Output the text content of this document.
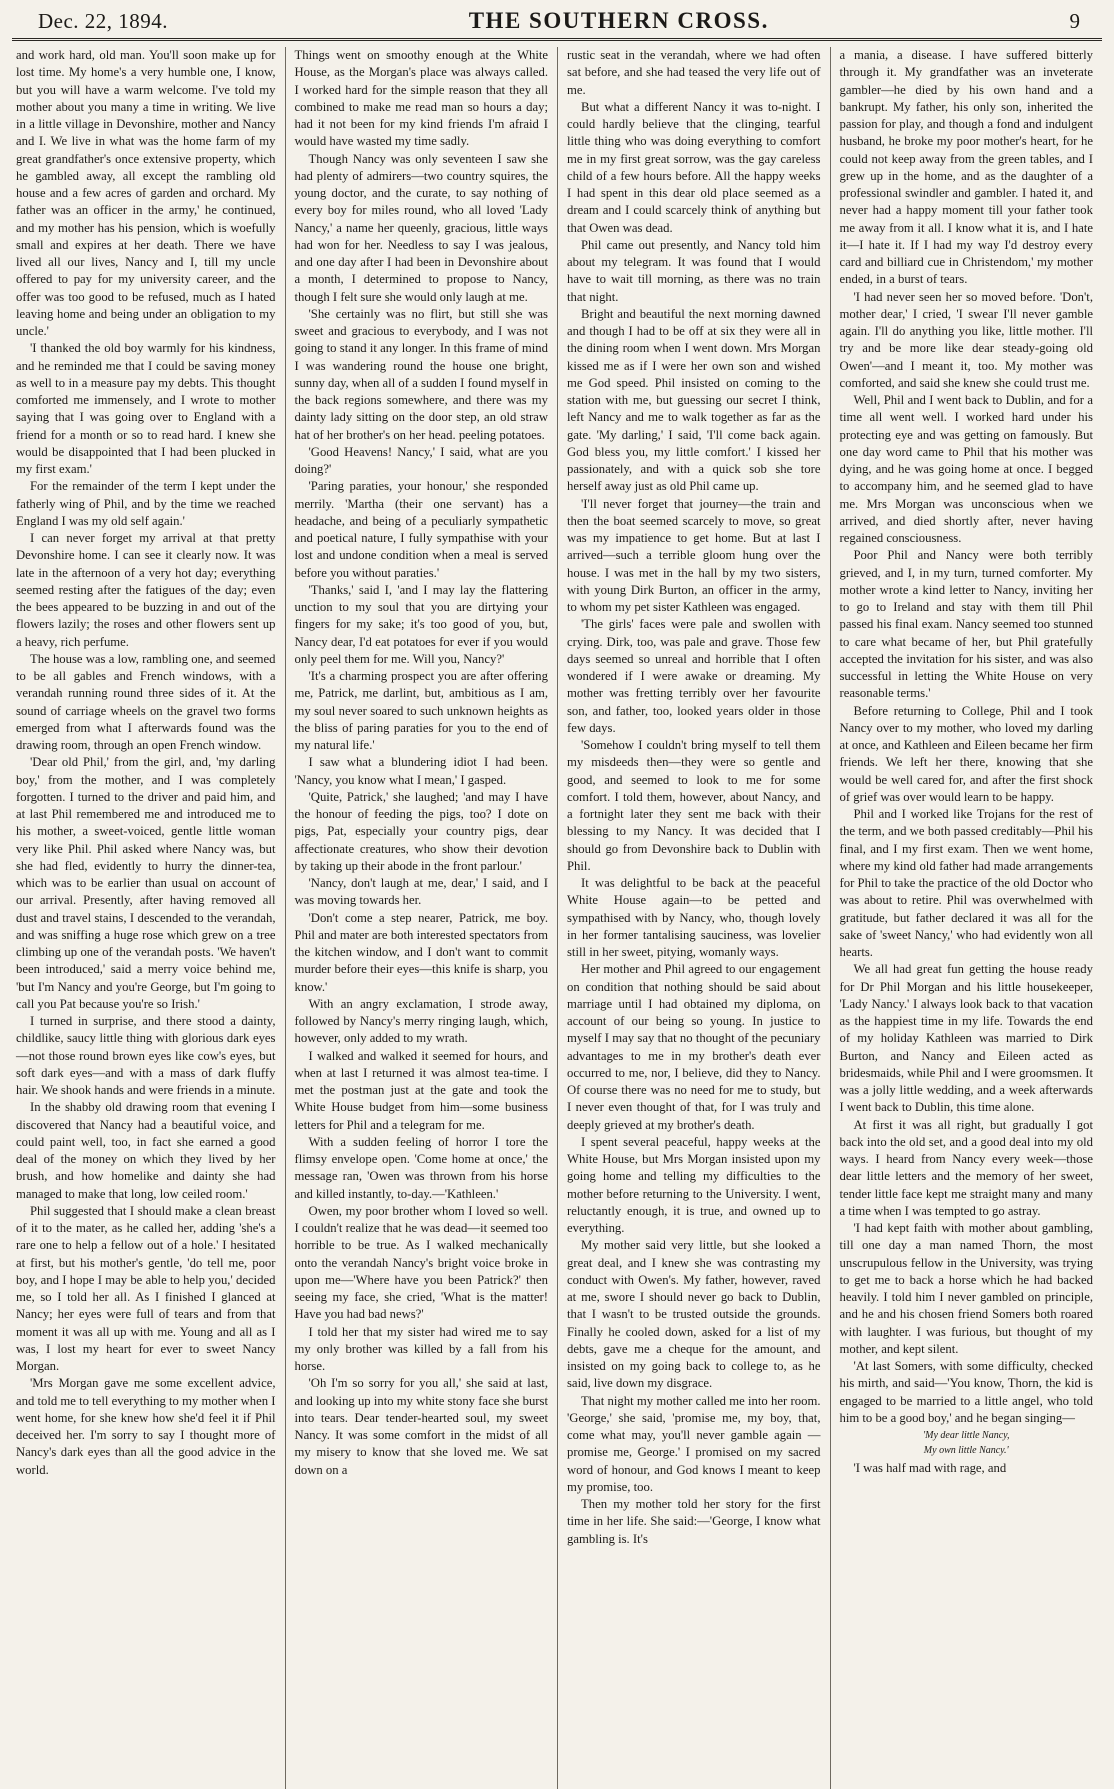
Dec. 22, 1894.	THE SOUTHERN CROSS.	9

and work hard, old man. You'll soon make up for lost time. My home's a very humble one, I know, but you will have a warm welcome. I've told my mother about you many a time in writing. We live in a little village in Devonshire, mother and Nancy and I. We live in what was the home farm of my great grandfather's once extensive property, which he gambled away, all except the rambling old house and a few acres of garden and orchard. My father was an officer in the army,' he continued, and my mother has his pension, which is woefully small and expires at her death. There we have lived all our lives, Nancy and I, till my uncle offered to pay for my university career, and the offer was too good to be refused, much as I hated leaving home and being under an obligation to my uncle.'

'I thanked the old boy warmly for his kindness, and he reminded me that I could be saving money as well to in a measure pay my debts. This thought comforted me immensely, and I wrote to mother saying that I was going over to England with a friend for a month or so to read hard. I knew she would be disappointed that I had been plucked in my first exam.'

For the remainder of the term I kept under the fatherly wing of Phil, and by the time we reached England I was my old self again.'

I can never forget my arrival at that pretty Devonshire home. I can see it clearly now. It was late in the afternoon of a very hot day; everything seemed resting after the fatigues of the day; even the bees appeared to be buzzing in and out of the flowers lazily; the roses and other flowers sent up a heavy, rich perfume.

The house was a low, rambling one, and seemed to be all gables and French windows, with a verandah running round three sides of it. At the sound of carriage wheels on the gravel two forms emerged from what I afterwards found was the drawing room, through an open French window.

'Dear old Phil,' from the girl, and, 'my darling boy,' from the mother, and I was completely forgotten. I turned to the driver and paid him, and at last Phil remembered me and introduced me to his mother, a sweet-voiced, gentle little woman very like Phil. Phil asked where Nancy was, but she had fled, evidently to hurry the dinner-tea, which was to be earlier than usual on account of our arrival. Presently, after having removed all dust and travel stains, I descended to the verandah, and was sniffing a huge rose which grew on a tree climbing up one of the verandah posts. 'We haven't been introduced,' said a merry voice behind me, 'but I'm Nancy and you're George, but I'm going to call you Pat because you're so Irish.'

I turned in surprise, and there stood a dainty, childlike, saucy little thing with glorious dark eyes—not those round brown eyes like cow's eyes, but soft dark eyes—and with a mass of dark fluffy hair. We shook hands and were friends in a minute.

In the shabby old drawing room that evening I discovered that Nancy had a beautiful voice, and could paint well, too, in fact she earned a good deal of the money on which they lived by her brush, and how homelike and dainty she had managed to make that long, low ceiled room.'

Phil suggested that I should make a clean breast of it to the mater, as he called her, adding 'she's a rare one to help a fellow out of a hole.' I hesitated at first, but his mother's gentle, 'do tell me, poor boy, and I hope I may be able to help you,' decided me, so I told her all. As I finished I glanced at Nancy; her eyes were full of tears and from that moment it was all up with me. Young and all as I was, I lost my heart for ever to sweet Nancy Morgan.

'Mrs Morgan gave me some excellent advice, and told me to tell everything to my mother when I went home, for she knew how she'd feel it if Phil deceived her. I'm sorry to say I thought more of Nancy's dark eyes than all the good advice in the world.

Things went on smoothy enough at the White House, as the Morgan's place was always called. I worked hard for the simple reason that they all combined to make me read man so hours a day; had it not been for my kind friends I'm afraid I would have wasted my time sadly.

Though Nancy was only seventeen I saw she had plenty of admirers—two country squires, the young doctor, and the curate, to say nothing of every boy for miles round, who all loved 'Lady Nancy,' a name her queenly, gracious, little ways had won for her. Needless to say I was jealous, and one day after I had been in Devonshire about a month, I determined to propose to Nancy, though I felt sure she would only laugh at me.

'She certainly was no flirt, but still she was sweet and gracious to everybody, and I was not going to stand it any longer. In this frame of mind I was wandering round the house one bright, sunny day, when all of a sudden I found myself in the back regions somewhere, and there was my dainty lady sitting on the door step, an old straw hat of her brother's on her head. peeling potatoes.

'Good Heavens! Nancy,' I said, what are you doing?'

'Paring paraties, your honour,' she responded merrily. 'Martha (their one servant) has a headache, and being of a peculiarly sympathetic and poetical nature, I fully sympathise with your lost and undone condition when a meal is served before you without paraties.'

'Thanks,' said I, 'and I may lay the flattering unction to my soul that you are dirtying your fingers for my sake; it's too good of you, but, Nancy dear, I'd eat potatoes for ever if you would only peel them for me. Will you, Nancy?'

'It's a charming prospect you are after offering me, Patrick, me darlint, but, ambitious as I am, my soul never soared to such unknown heights as the bliss of paring paraties for you to the end of my natural life.'

I saw what a blundering idiot I had been. 'Nancy, you know what I mean,' I gasped.

'Quite, Patrick,' she laughed; 'and may I have the honour of feeding the pigs, too? I dote on pigs, Pat, especially your country pigs, dear affectionate creatures, who show their devotion by taking up their abode in the front parlour.'

'Nancy, don't laugh at me, dear,' I said, and I was moving towards her.

'Don't come a step nearer, Patrick, me boy. Phil and mater are both interested spectators from the kitchen window, and I don't want to commit murder before their eyes—this knife is sharp, you know.'

With an angry exclamation, I strode away, followed by Nancy's merry ringing laugh, which, however, only added to my wrath.

I walked and walked it seemed for hours, and when at last I returned it was almost tea-time. I met the postman just at the gate and took the White House budget from him—some business letters for Phil and a telegram for me.

With a sudden feeling of horror I tore the flimsy envelope open. 'Come home at once,' the message ran, 'Owen was thrown from his horse and killed instantly, to-day.—'Kathleen.'

Owen, my poor brother whom I loved so well. I couldn't realize that he was dead—it seemed too horrible to be true. As I walked mechanically onto the verandah Nancy's bright voice broke in upon me—'Where have you been Patrick?' then seeing my face, she cried, 'What is the matter! Have you had bad news?'

I told her that my sister had wired me to say my only brother was killed by a fall from his horse.

'Oh I'm so sorry for you all,' she said at last, and looking up into my white stony face she burst into tears. Dear tender-hearted soul, my sweet Nancy. It was some comfort in the midst of all my misery to know that she loved me. We sat down on a

rustic seat in the verandah, where we had often sat before, and she had teased the very life out of me.

But what a different Nancy it was to-night. I could hardly believe that the clinging, tearful little thing who was doing everything to comfort me in my first great sorrow, was the gay careless child of a few hours before. All the happy weeks I had spent in this dear old place seemed as a dream and I could scarcely think of anything but that Owen was dead.

Phil came out presently, and Nancy told him about my telegram. It was found that I would have to wait till morning, as there was no train that night.

Bright and beautiful the next morning dawned and though I had to be off at six they were all in the dining room when I went down. Mrs Morgan kissed me as if I were her own son and wished me God speed. Phil insisted on coming to the station with me, but guessing our secret I think, left Nancy and me to walk together as far as the gate. 'My darling,' I said, 'I'll come back again. God bless you, my little comfort.' I kissed her passionately, and with a quick sob she tore herself away just as old Phil came up.

'I'll never forget that journey—the train and then the boat seemed scarcely to move, so great was my impatience to get home. But at last I arrived—such a terrible gloom hung over the house. I was met in the hall by my two sisters, with young Dirk Burton, an officer in the army, to whom my pet sister Kathleen was engaged.

'The girls' faces were pale and swollen with crying. Dirk, too, was pale and grave. Those few days seemed so unreal and horrible that I often wondered if I were awake or dreaming. My mother was fretting terribly over her favourite son, and father, too, looked years older in those few days.

'Somehow I couldn't bring myself to tell them my misdeeds then—they were so gentle and good, and seemed to look to me for some comfort. I told them, however, about Nancy, and a fortnight later they sent me back with their blessing to my Nancy. It was decided that I should go from Devonshire back to Dublin with Phil.

It was delightful to be back at the peaceful White House again—to be petted and sympathised with by Nancy, who, though lovely in her former tantalising sauciness, was lovelier still in her sweet, pitying, womanly ways.

Her mother and Phil agreed to our engagement on condition that nothing should be said about marriage until I had obtained my diploma, on account of our being so young. In justice to myself I may say that no thought of the pecuniary advantages to me in my brother's death ever occurred to me, nor, I believe, did they to Nancy. Of course there was no need for me to study, but I never even thought of that, for I was truly and deeply grieved at my brother's death.

I spent several peaceful, happy weeks at the White House, but Mrs Morgan insisted upon my going home and telling my difficulties to the mother before returning to the University. I went, reluctantly enough, it is true, and owned up to everything.

My mother said very little, but she looked a great deal, and I knew she was contrasting my conduct with Owen's. My father, however, raved at me, swore I should never go back to Dublin, that I wasn't to be trusted outside the grounds. Finally he cooled down, asked for a list of my debts, gave me a cheque for the amount, and insisted on my going back to college to, as he said, live down my disgrace.

That night my mother called me into her room. 'George,' she said, 'promise me, my boy, that, come what may, you'll never gamble again —promise me, George.' I promised on my sacred word of honour, and God knows I meant to keep my promise, too.

Then my mother told her story for the first time in her life. She said:—'George, I know what gambling is. It's

a mania, a disease. I have suffered bitterly through it. My grandfather was an inveterate gambler—he died by his own hand and a bankrupt. My father, his only son, inherited the passion for play, and though a fond and indulgent husband, he broke my poor mother's heart, for he could not keep away from the green tables, and I grew up in the home, and as the daughter of a professional swindler and gambler. I hated it, and never had a happy moment till your father took me away from it all. I know what it is, and I hate it—I hate it. If I had my way I'd destroy every card and billiard cue in Christendom,' my mother ended, in a burst of tears.

'I had never seen her so moved before. 'Don't, mother dear,' I cried, 'I swear I'll never gamble again. I'll do anything you like, little mother. I'll try and be more like dear steady-going old Owen'—and I meant it, too. My mother was comforted, and said she knew she could trust me.

Well, Phil and I went back to Dublin, and for a time all went well. I worked hard under his protecting eye and was getting on famously. But one day word came to Phil that his mother was dying, and he was going home at once. I begged to accompany him, and he seemed glad to have me. Mrs Morgan was unconscious when we arrived, and died shortly after, never having regained consciousness.

Poor Phil and Nancy were both terribly grieved, and I, in my turn, turned comforter. My mother wrote a kind letter to Nancy, inviting her to go to Ireland and stay with them till Phil passed his final exam. Nancy seemed too stunned to care what became of her, but Phil gratefully accepted the invitation for his sister, and was also successful in letting the White House on very reasonable terms.'

Before returning to College, Phil and I took Nancy over to my mother, who loved my darling at once, and Kathleen and Eileen became her firm friends. We left her there, knowing that she would be well cared for, and after the first shock of grief was over would learn to be happy.

Phil and I worked like Trojans for the rest of the term, and we both passed creditably—Phil his final, and I my first exam. Then we went home, where my kind old father had made arrangements for Phil to take the practice of the old Doctor who was about to retire. Phil was overwhelmed with gratitude, but father declared it was all for the sake of 'sweet Nancy,' who had evidently won all hearts.

We all had great fun getting the house ready for Dr Phil Morgan and his little housekeeper, 'Lady Nancy.' I always look back to that vacation as the happiest time in my life. Towards the end of my holiday Kathleen was married to Dirk Burton, and Nancy and Eileen acted as bridesmaids, while Phil and I were groomsmen. It was a jolly little wedding, and a week afterwards I went back to Dublin, this time alone.

At first it was all right, but gradually I got back into the old set, and a good deal into my old ways. I heard from Nancy every week—those dear little letters and the memory of her sweet, tender little face kept me straight many and many a time when I was tempted to go astray.

'I had kept faith with mother about gambling, till one day a man named Thorn, the most unscrupulous fellow in the University, was trying to get me to back a horse which he had backed heavily. I told him I never gambled on principle, and he and his chosen friend Somers both roared with laughter. I was furious, but thought of my mother, and kept silent.

'At last Somers, with some difficulty, checked his mirth, and said—'You know, Thorn, the kid is engaged to be married to a little angel, who told him to be a good boy,' and he began singing—

'My dear little Nancy,

My own little Nancy.'

'I was half mad with rage, and
